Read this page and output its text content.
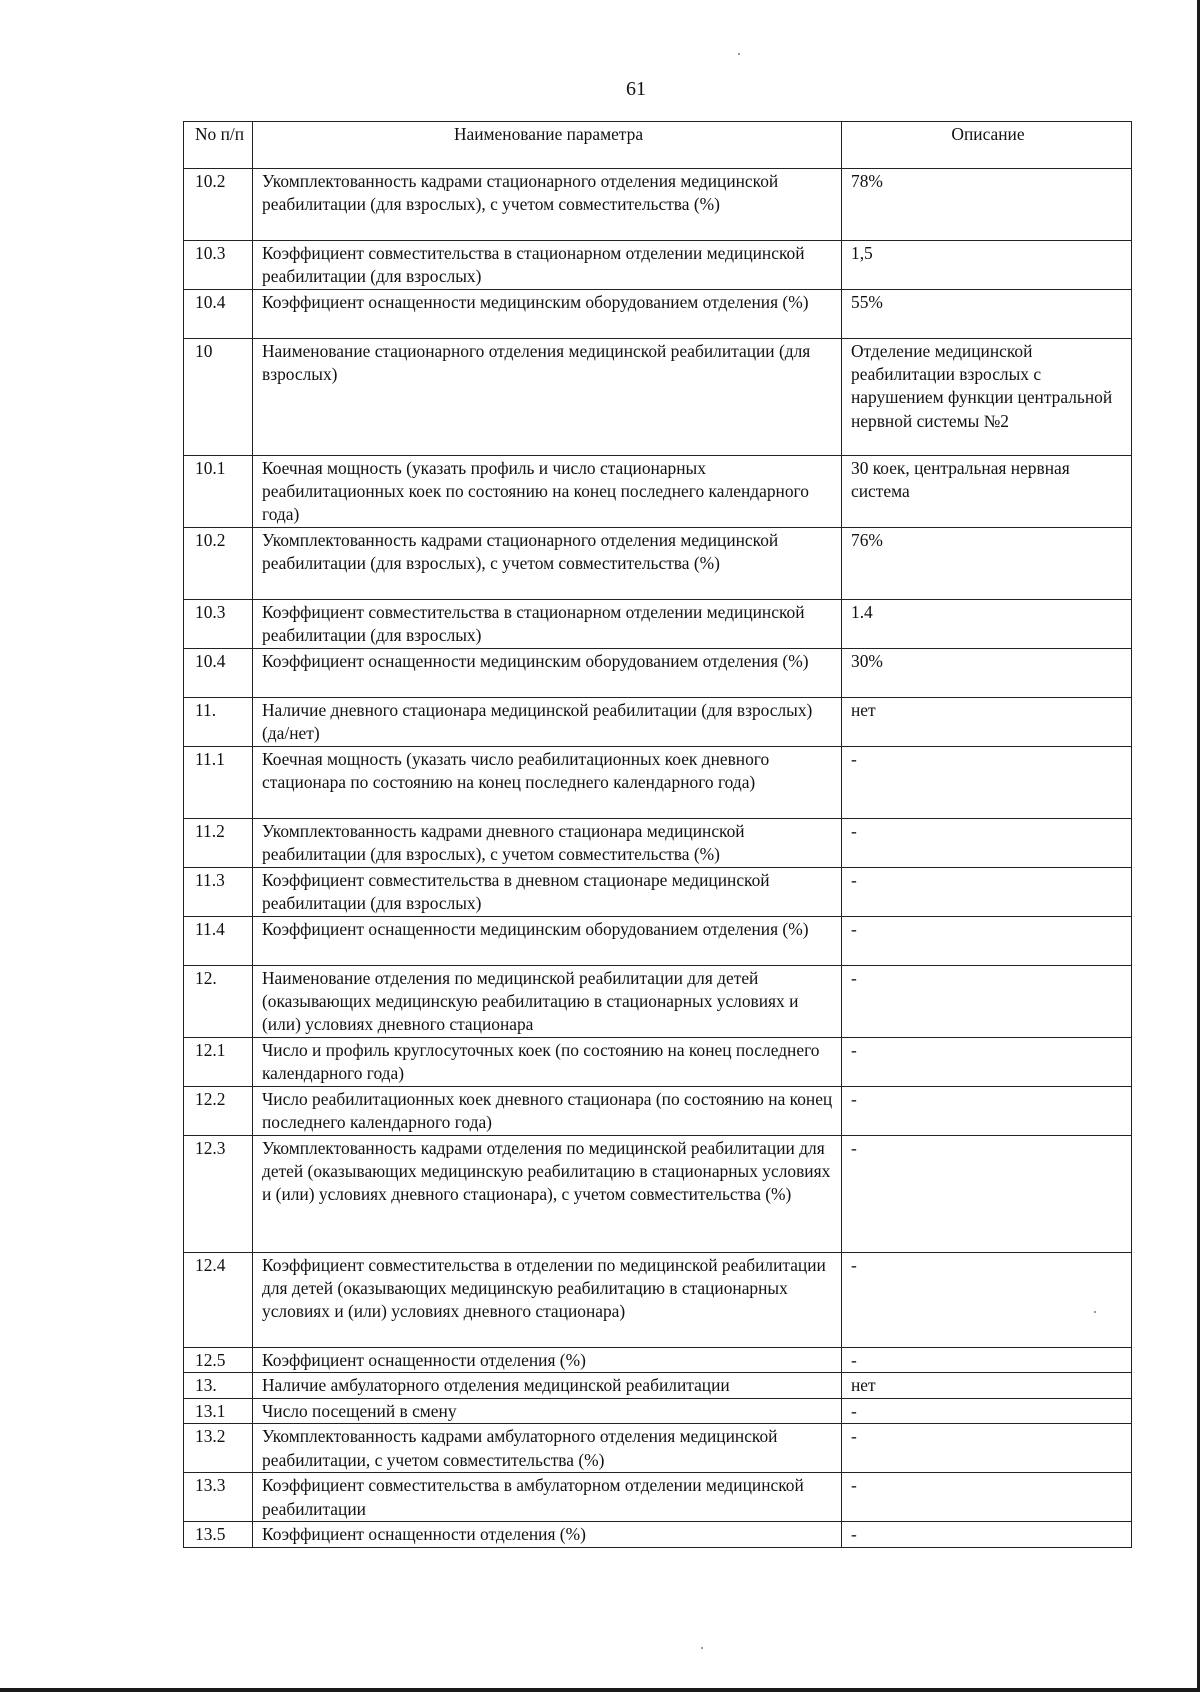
61
No п/п	Наименование параметра	Описание
10.2	Укомплектованность кадрами стационарного отделения медицинской реабилитации (для взрослых), с учетом совместительства (%)	78%
10.3	Коэффициент совместительства в стационарном отделении медицинской реабилитации (для взрослых)	1,5
10.4	Коэффициент оснащенности медицинским оборудованием отделения (%)	55%
10	Наименование стационарного отделения медицинской реабилитации (для взрослых)	Отделение медицинской реабилитации взрослых с нарушением функции центральной нервной системы №2
10.1	Коечная мощность (указать профиль и число стационарных реабилитационных коек по состоянию на конец последнего календарного года)	30 коек, центральная нервная система
10.2	Укомплектованность кадрами стационарного отделения медицинской реабилитации (для взрослых), с учетом совместительства (%)	76%
10.3	Коэффициент совместительства в стационарном отделении медицинской реабилитации (для взрослых)	1.4
10.4	Коэффициент оснащенности медицинским оборудованием отделения (%)	30%
11.	Наличие дневного стационара медицинской реабилитации (для взрослых) (да/нет)	нет
11.1	Коечная мощность (указать число реабилитационных коек дневного стационара по состоянию на конец последнего календарного года)	-
11.2	Укомплектованность кадрами дневного стационара медицинской реабилитации (для взрослых), с учетом совместительства (%)	-
11.3	Коэффициент совместительства в дневном стационаре медицинской реабилитации (для взрослых)	-
11.4	Коэффициент оснащенности медицинским оборудованием отделения (%)	-
12.	Наименование отделения по медицинской реабилитации для детей (оказывающих медицинскую реабилитацию в стационарных условиях и (или) условиях дневного стационара	-
12.1	Число и профиль круглосуточных коек (по состоянию на конец последнего календарного года)	-
12.2	Число реабилитационных коек дневного стационара (по состоянию на конец последнего календарного года)	-
12.3	Укомплектованность кадрами отделения по медицинской реабилитации для детей (оказывающих медицинскую реабилитацию в стационарных условиях и (или) условиях дневного стационара), с учетом совместительства (%)	-
12.4	Коэффициент совместительства в отделении по медицинской реабилитации для детей (оказывающих медицинскую реабилитацию в стационарных условиях и (или) условиях дневного стационара)	-
12.5	Коэффициент оснащенности отделения (%)	-
13.	Наличие амбулаторного отделения медицинской реабилитации	нет
13.1	Число посещений в смену	-
13.2	Укомплектованность кадрами амбулаторного отделения медицинской реабилитации, с учетом совместительства (%)	-
13.3	Коэффициент совместительства в амбулаторном отделении медицинской реабилитации	-
13.5	Коэффициент оснащенности отделения (%)	-
